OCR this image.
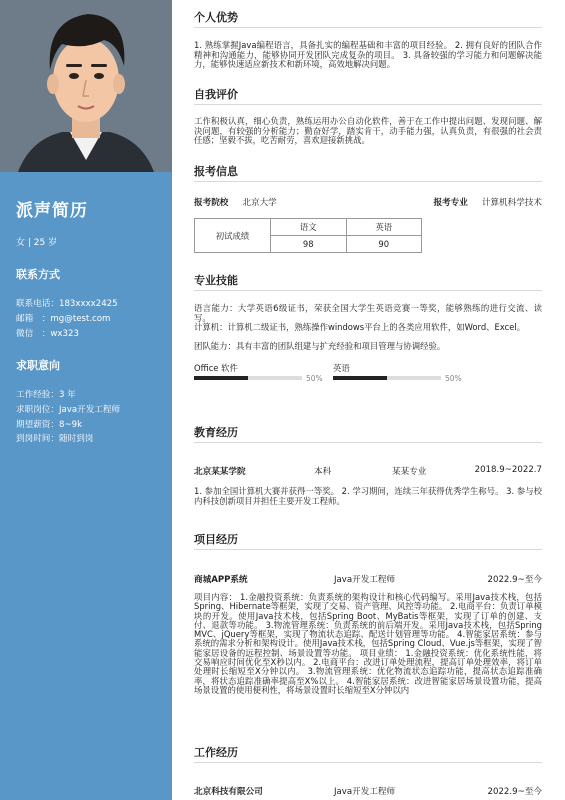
派声简历
女 | 25 岁
联系方式
联系电话：183xxxx2425
邮箱　：mg@test.com
微信　：wx323
求职意向
工作经验：3 年
求职岗位：Java开发工程师
期望薪资：8~9k
到岗时间：随时到岗
个人优势
1. 熟练掌握Java编程语言，具备扎实的编程基础和丰富的项目经验。 2. 拥有良好的团队合作精神和沟通能力，能够协同开发团队完成复杂的项目。 3. 具备较强的学习能力和问题解决能力，能够快速适应新技术和新环境，高效地解决问题。
自我评价
工作积极认真，细心负责，熟练运用办公自动化软件，善于在工作中提出问题、发现问题、解决问题，有较强的分析能力；勤奋好学，踏实肯干，动手能力强，认真负责，有很强的社会责任感；坚毅不拔，吃苦耐劳，喜欢迎接新挑战。
报考信息
报考院校 北京大学	报考专业 计算机科学技术
初试成绩	语文	英语
	98	90
专业技能
语言能力：大学英语6级证书，荣获全国大学生英语竞赛一等奖，能够熟练的进行交流、读写。
计算机：计算机二级证书，熟练操作windows平台上的各类应用软件，如Word、Excel。
团队能力：具有丰富的团队组建与扩充经验和项目管理与协调经验。
Office 软件
50%
英语
50%
教育经历
北京某某学院	本科	某某专业	2018.9~2022.7
1. 参加全国计算机大赛并获得一等奖。 2. 学习期间，连续三年获得优秀学生称号。 3. 参与校内科技创新项目并担任主要开发工程师。
项目经历
商城APP系统	Java开发工程师	2022.9~至今
项目内容： 1.金融投资系统：负责系统的架构设计和核心代码编写。采用Java技术栈，包括Spring、Hibernate等框架，实现了交易、资产管理、风控等功能。 2.电商平台：负责订单模块的开发。使用Java技术栈，包括Spring Boot、MyBatis等框架，实现了订单的创建、支付、退款等功能。 3.物流管理系统：负责系统的前后端开发。采用Java技术栈，包括Spring MVC、jQuery等框架，实现了物流状态追踪、配送计划管理等功能。 4.智能家居系统：参与系统的需求分析和架构设计。使用Java技术栈，包括Spring Cloud、Vue.js等框架，实现了智能家居设备的远程控制、场景设置等功能。 项目业绩： 1.金融投资系统：优化系统性能，将交易响应时间优化至X秒以内。 2.电商平台：改进订单处理流程，提高订单处理效率，将订单处理时长缩短至X分钟以内。 3.物流管理系统：优化物流状态追踪功能，提高状态追踪准确率，将状态追踪准确率提高至X%以上。 4.智能家居系统：改进智能家居场景设置功能，提高场景设置的使用便利性，将场景设置时长缩短至X分钟以内
工作经历
北京科技有限公司	Java开发工程师	2022.9~至今
